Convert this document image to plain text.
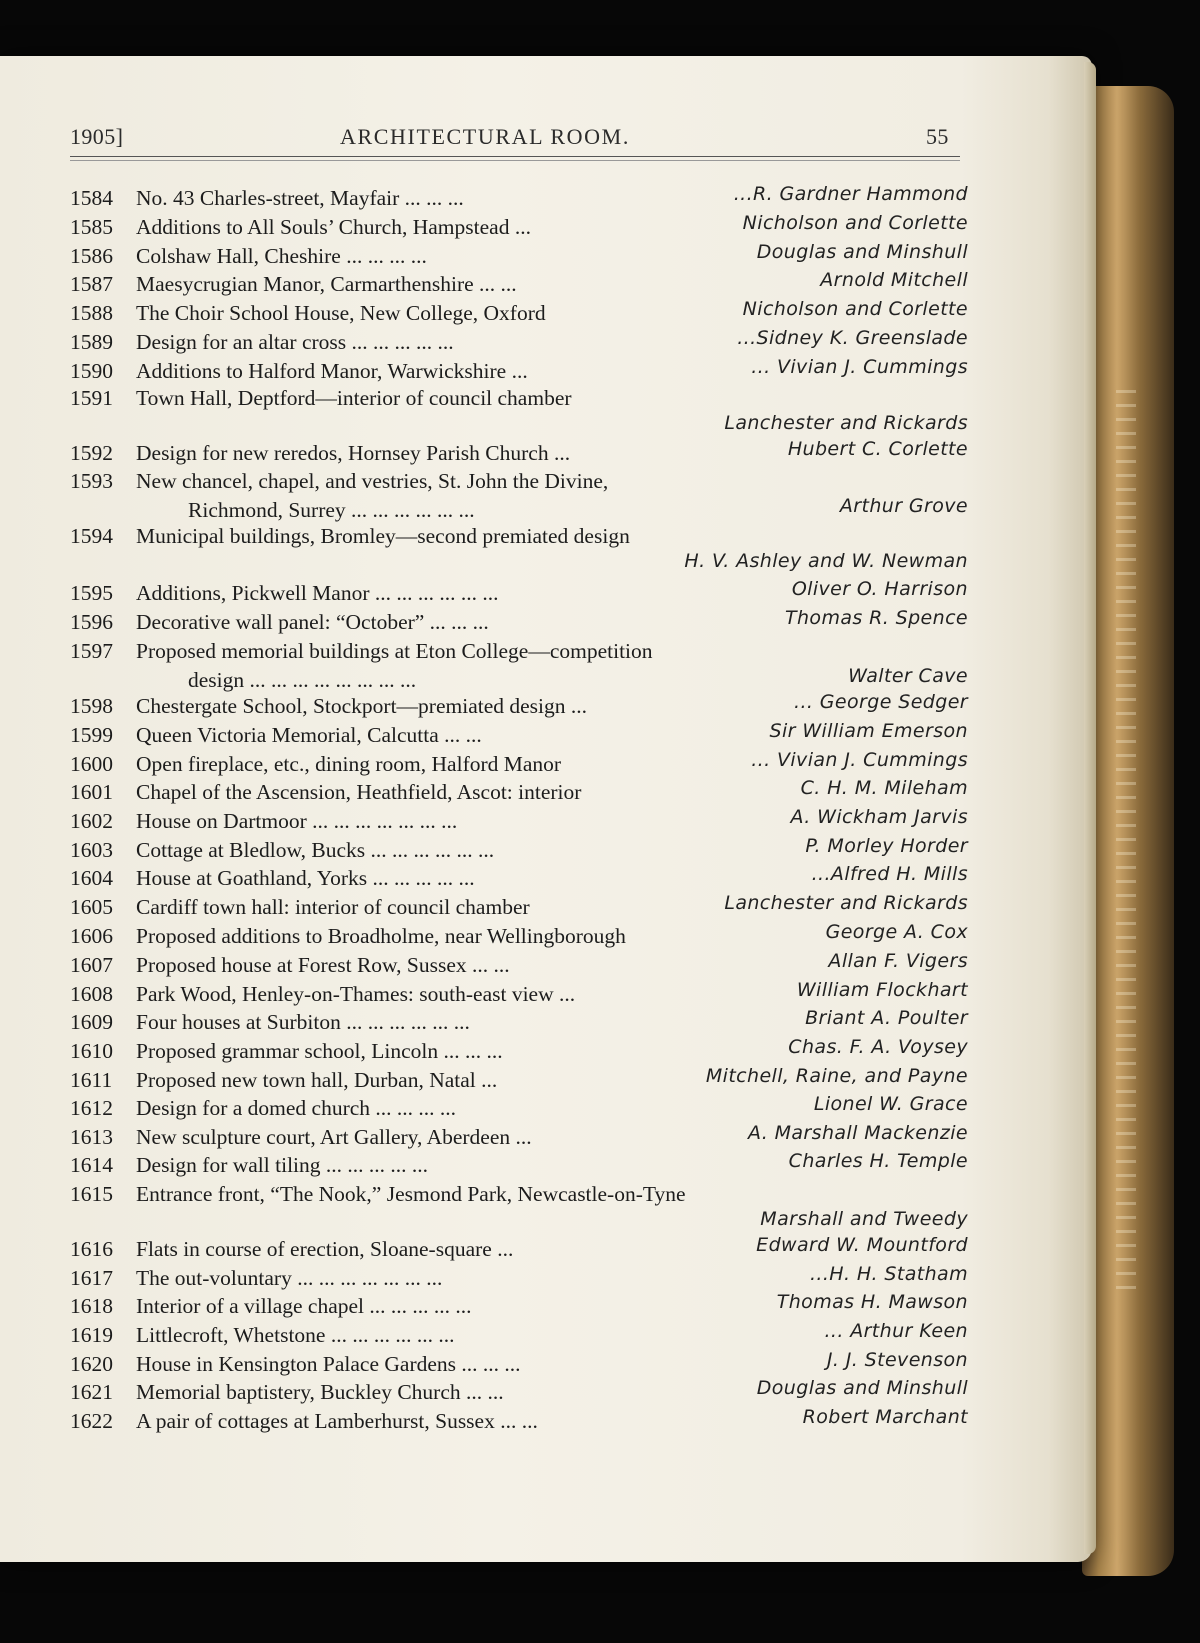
1905]	ARCHITECTURAL ROOM.	55
1584	No. 43 Charles-street, Mayfair ... ... ...	...R. Gardner Hammond
1585	Additions to All Souls’ Church, Hampstead ...	Nicholson and Corlette
1586	Colshaw Hall, Cheshire ... ... ... ...	Douglas and Minshull
1587	Maesycrugian Manor, Carmarthenshire ... ...	Arnold Mitchell
1588	The Choir School House, New College, Oxford	Nicholson and Corlette
1589	Design for an altar cross ... ... ... ... ...	...Sidney K. Greenslade
1590	Additions to Halford Manor, Warwickshire ...	... Vivian J. Cummings
1591	Town Hall, Deptford—interior of council chamber
Lanchester and Rickards
1592	Design for new reredos, Hornsey Parish Church ...	Hubert C. Corlette
1593	New chancel, chapel, and vestries, St. John the Divine,
Richmond, Surrey ... ... ... ... ... ...	Arthur Grove
1594	Municipal buildings, Bromley—second premiated design
H. V. Ashley and W. Newman
1595	Additions, Pickwell Manor ... ... ... ... ... ...	Oliver O. Harrison
1596	Decorative wall panel: “October” ... ... ...	Thomas R. Spence
1597	Proposed memorial buildings at Eton College—competition
design ... ... ... ... ... ... ... ...	Walter Cave
1598	Chestergate School, Stockport—premiated design ...	... George Sedger
1599	Queen Victoria Memorial, Calcutta ... ...	Sir William Emerson
1600	Open fireplace, etc., dining room, Halford Manor	... Vivian J. Cummings
1601	Chapel of the Ascension, Heathfield, Ascot: interior	C. H. M. Mileham
1602	House on Dartmoor ... ... ... ... ... ... ...	A. Wickham Jarvis
1603	Cottage at Bledlow, Bucks ... ... ... ... ... ...	P. Morley Horder
1604	House at Goathland, Yorks ... ... ... ... ...	...Alfred H. Mills
1605	Cardiff town hall: interior of council chamber	Lanchester and Rickards
1606	Proposed additions to Broadholme, near Wellingborough	George A. Cox
1607	Proposed house at Forest Row, Sussex ... ...	Allan F. Vigers
1608	Park Wood, Henley-on-Thames: south-east view ...	William Flockhart
1609	Four houses at Surbiton ... ... ... ... ... ...	Briant A. Poulter
1610	Proposed grammar school, Lincoln ... ... ...	Chas. F. A. Voysey
1611	Proposed new town hall, Durban, Natal ...	Mitchell, Raine, and Payne
1612	Design for a domed church ... ... ... ...	Lionel W. Grace
1613	New sculpture court, Art Gallery, Aberdeen ...	A. Marshall Mackenzie
1614	Design for wall tiling ... ... ... ... ...	Charles H. Temple
1615	Entrance front, “The Nook,” Jesmond Park, Newcastle-on-Tyne
Marshall and Tweedy
1616	Flats in course of erection, Sloane-square ...	Edward W. Mountford
1617	The out-voluntary ... ... ... ... ... ... ...	...H. H. Statham
1618	Interior of a village chapel ... ... ... ... ...	Thomas H. Mawson
1619	Littlecroft, Whetstone ... ... ... ... ... ...	... Arthur Keen
1620	House in Kensington Palace Gardens ... ... ...	J. J. Stevenson
1621	Memorial baptistery, Buckley Church ... ...	Douglas and Minshull
1622	A pair of cottages at Lamberhurst, Sussex ... ...	Robert Marchant
